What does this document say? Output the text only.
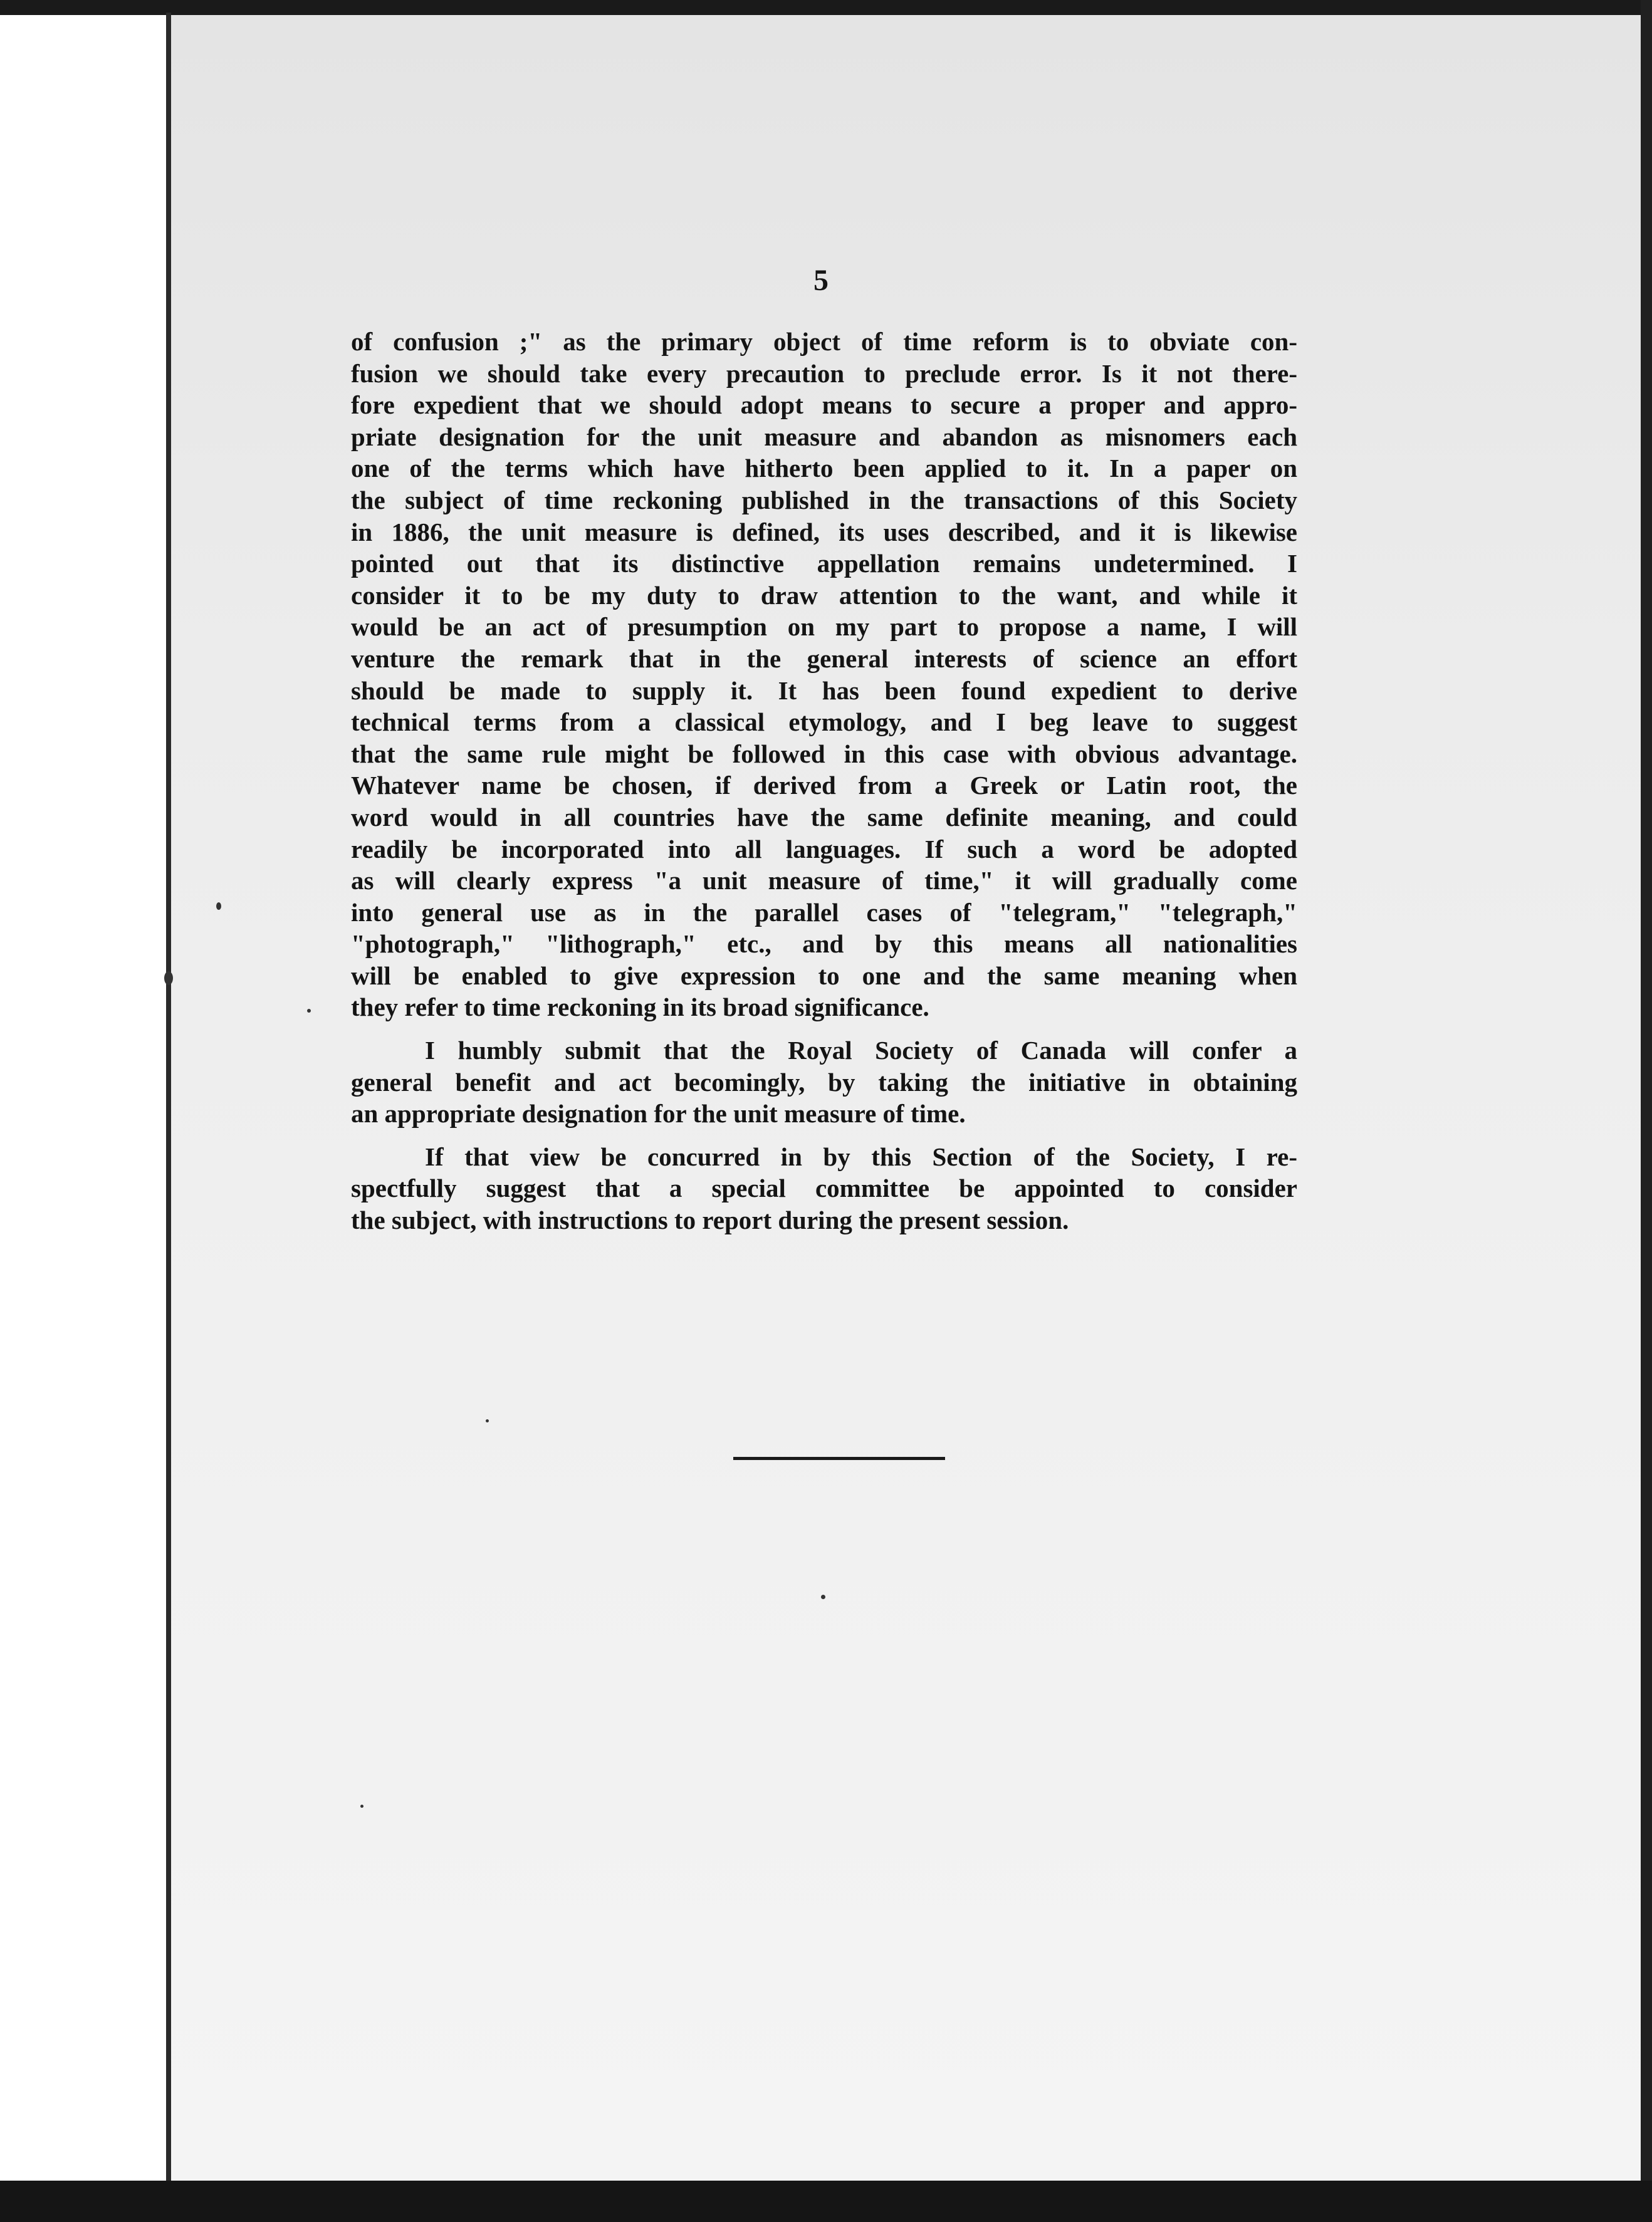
5
of confusion ;" as the primary object of time reform is to obviate con-
fusion we should take every precaution to preclude error. Is it not there-
fore expedient that we should adopt means to secure a proper and appro-
priate designation for the unit measure and abandon as misnomers each
one of the terms which have hitherto been applied to it. In a paper on
the subject of time reckoning published in the transactions of this Society
in 1886, the unit measure is defined, its uses described, and it is likewise
pointed out that its distinctive appellation remains undetermined. I
consider it to be my duty to draw attention to the want, and while it
would be an act of presumption on my part to propose a name, I will
venture the remark that in the general interests of science an effort
should be made to supply it. It has been found expedient to derive
technical terms from a classical etymology, and I beg leave to suggest
that the same rule might be followed in this case with obvious advantage.
Whatever name be chosen, if derived from a Greek or Latin root, the
word would in all countries have the same definite meaning, and could
readily be incorporated into all languages. If such a word be adopted
as will clearly express "a unit measure of time," it will gradually come
into general use as in the parallel cases of "telegram," "telegraph,"
"photograph," "lithograph," etc., and by this means all nationalities
will be enabled to give expression to one and the same meaning when
they refer to time reckoning in its broad significance.
I humbly submit that the Royal Society of Canada will confer a
general benefit and act becomingly, by taking the initiative in obtaining
an appropriate designation for the unit measure of time.
If that view be concurred in by this Section of the Society, I re-
spectfully suggest that a special committee be appointed to consider
the subject, with instructions to report during the present session.
